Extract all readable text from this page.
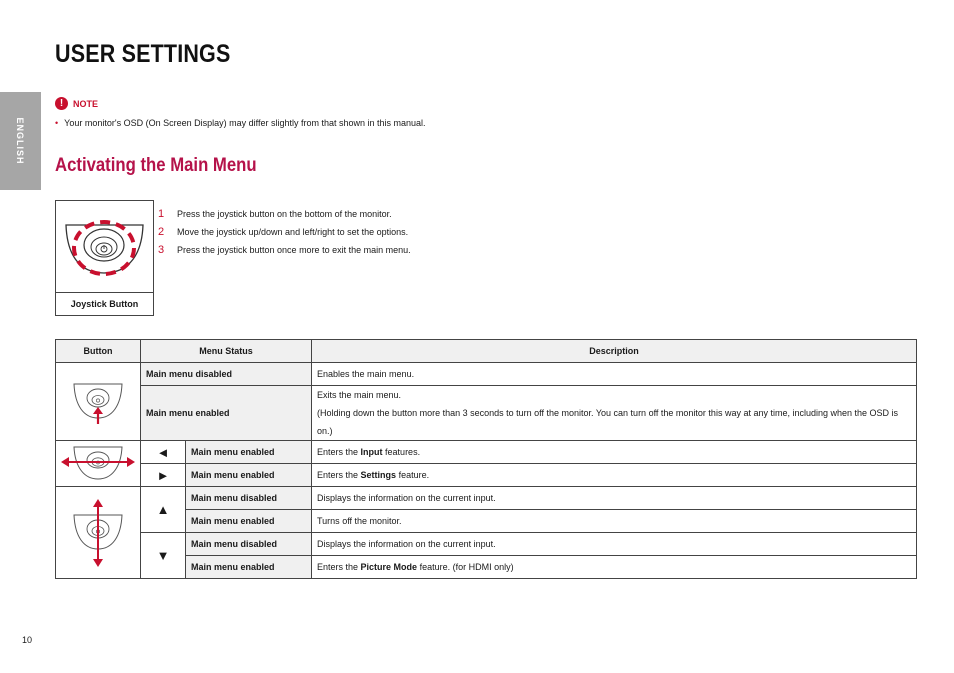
ENGLISH
USER SETTINGS
!	NOTE
• Your monitor's OSD (On Screen Display) may differ slightly from that shown in this manual.
Activating the Main Menu
Joystick Button
1	Press the joystick button on the bottom of the monitor.
2	Move the joystick up/down and left/right to set the options.
3	Press the joystick button once more to exit the main menu.
Button	Menu Status		Description

	Main menu disabled		Enables the main menu.
	Main menu enabled		Exits the main menu.
(Holding down the button more than 3 seconds to turn off the monitor. You can turn off the monitor this way at any time, including when the OSD is on.)

	◄	Main menu enabled	Enters the Input features.
	►	Main menu enabled	Enters the Settings feature.

	▲	Main menu disabled	Displays the information on the current input.
		Main menu enabled	Turns off the monitor.
	▼	Main menu disabled	Displays the information on the current input.
		Main menu enabled	Enters the Picture Mode feature. (for HDMI only)
10
